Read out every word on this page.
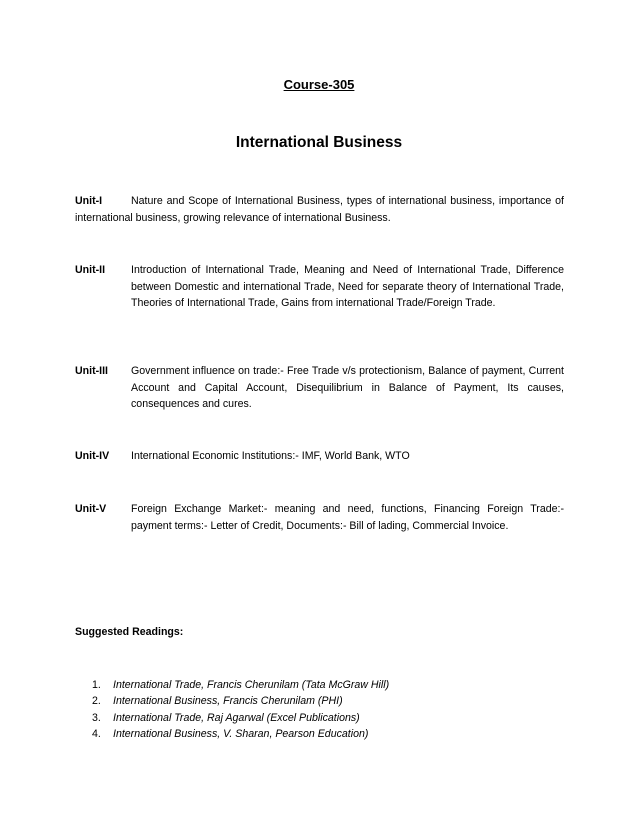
Course-305
International Business
Unit-I	Nature and Scope of International Business, types of international business, importance of international business, growing relevance of international Business.
Unit-II	Introduction of International Trade, Meaning and Need of International Trade, Difference between Domestic and international Trade, Need for separate theory of International Trade, Theories of International Trade, Gains from international Trade/Foreign Trade.
Unit-III	Government influence on trade:- Free Trade v/s protectionism, Balance of payment, Current Account and Capital Account, Disequilibrium in Balance of Payment, Its causes, consequences and cures.
Unit-IV	International Economic Institutions:- IMF, World Bank, WTO
Unit-V	Foreign Exchange Market:- meaning and need, functions, Financing Foreign Trade:- payment terms:- Letter of Credit, Documents:- Bill of lading, Commercial Invoice.
Suggested Readings:
1. International Trade, Francis Cherunilam (Tata McGraw Hill)
2. International Business, Francis Cherunilam (PHI)
3. International Trade, Raj Agarwal (Excel Publications)
4. International Business, V. Sharan, Pearson Education)
